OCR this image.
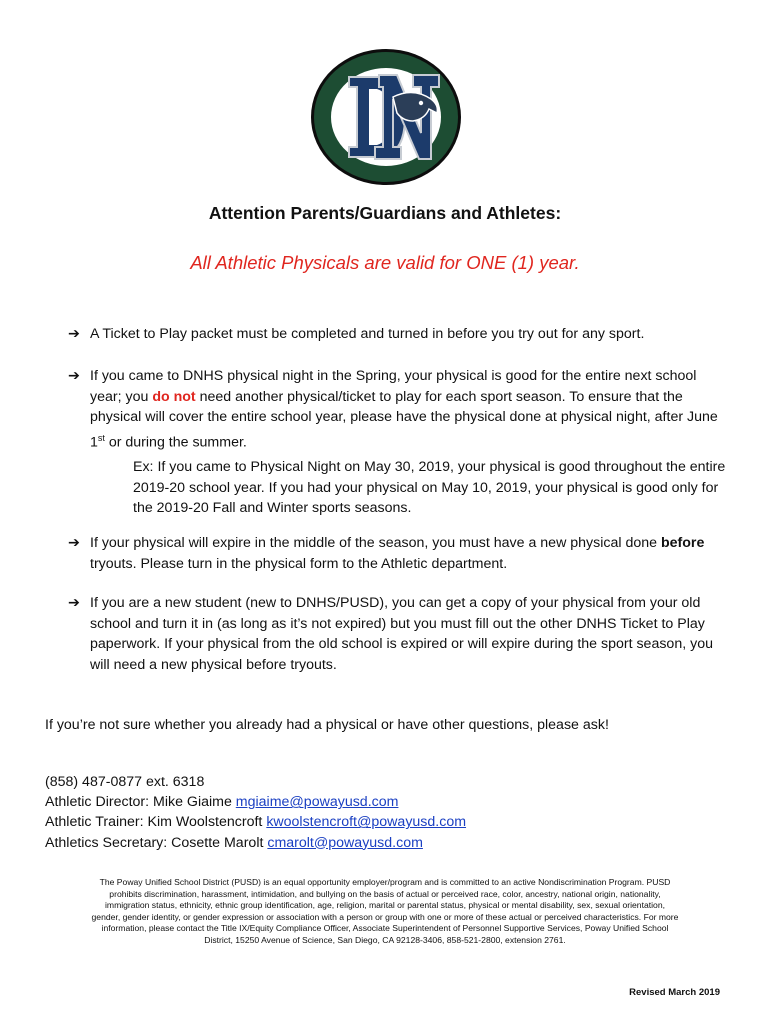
Attention Parents/Guardians and Athletes:
All Athletic Physicals are valid for ONE (1) year.
➔ A Ticket to Play packet must be completed and turned in before you try out for any sport.
➔ If you came to DNHS physical night in the Spring, your physical is good for the entire next school year; you do not need another physical/ticket to play for each sport season. To ensure that the physical will cover the entire school year, please have the physical done at physical night, after June 1st or during the summer.
Ex: If you came to Physical Night on May 30, 2019, your physical is good throughout the entire 2019-20 school year. If you had your physical on May 10, 2019, your physical is good only for the 2019-20 Fall and Winter sports seasons.
➔ If your physical will expire in the middle of the season, you must have a new physical done before tryouts. Please turn in the physical form to the Athletic department.
➔ If you are a new student (new to DNHS/PUSD), you can get a copy of your physical from your old school and turn it in (as long as it’s not expired) but you must fill out the other DNHS Ticket to Play paperwork. If your physical from the old school is expired or will expire during the sport season, you will need a new physical before tryouts.
If you’re not sure whether you already had a physical or have other questions, please ask!
(858) 487-0877 ext. 6318
Athletic Director: Mike Giaime mgiaime@powayusd.com
Athletic Trainer: Kim Woolstencroft kwoolstencroft@powayusd.com
Athletics Secretary: Cosette Marolt cmarolt@powayusd.com
The Poway Unified School District (PUSD) is an equal opportunity employer/program and is committed to an active Nondiscrimination Program. PUSD prohibits discrimination, harassment, intimidation, and bullying on the basis of actual or perceived race, color, ancestry, national origin, nationality, immigration status, ethnicity, ethnic group identification, age, religion, marital or parental status, physical or mental disability, sex, sexual orientation, gender, gender identity, or gender expression or association with a person or group with one or more of these actual or perceived characteristics. For more information, please contact the Title IX/Equity Compliance Officer, Associate Superintendent of Personnel Supportive Services, Poway Unified School District, 15250 Avenue of Science, San Diego, CA 92128-3406, 858-521-2800, extension 2761.
Revised March 2019
